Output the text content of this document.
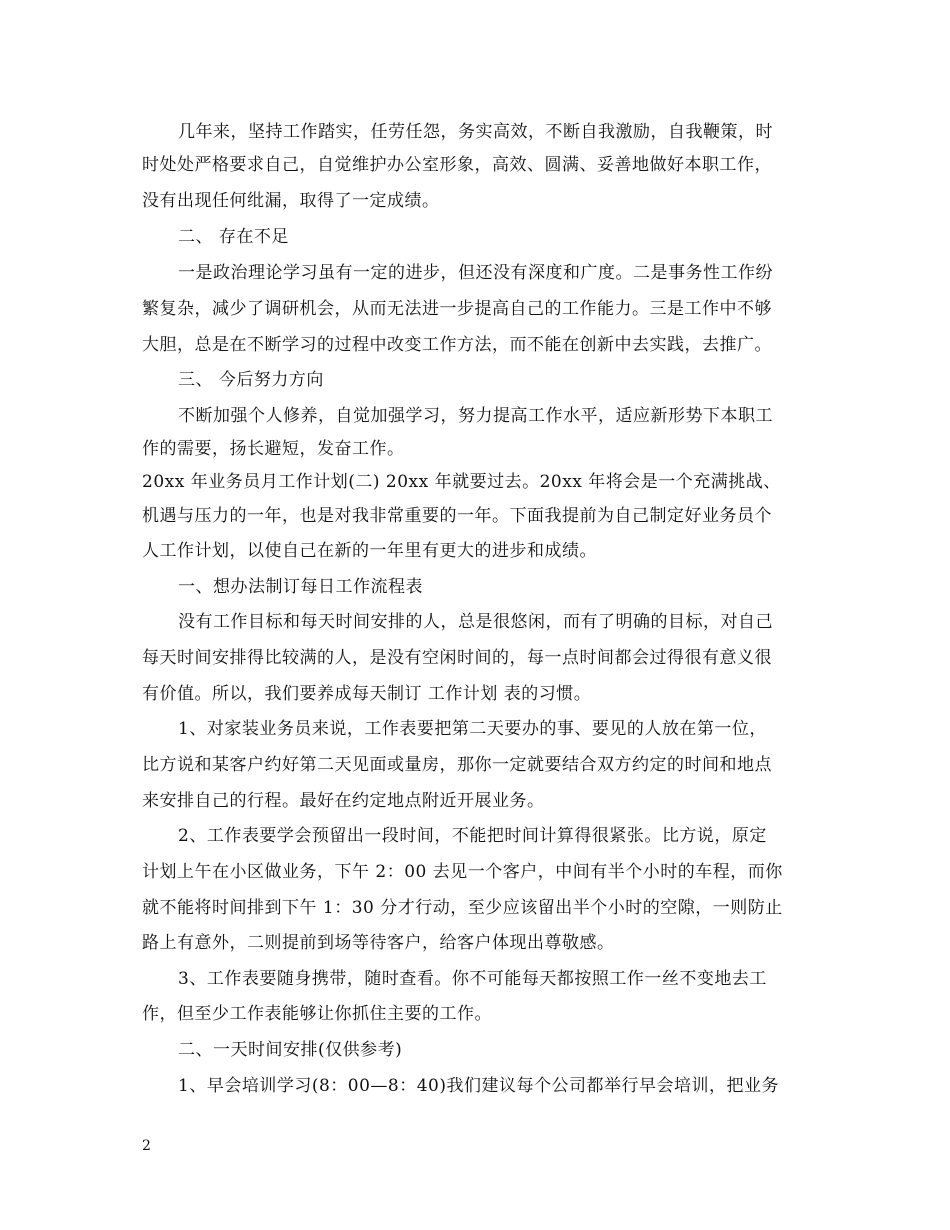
几年来，坚持工作踏实，任劳任怨，务实高效，不断自我激励，自我鞭策，时
时处处严格要求自己，自觉维护办公室形象，高效、圆满、妥善地做好本职工作，
没有出现任何纰漏，取得了一定成绩。
二、 存在不足
一是政治理论学习虽有一定的进步，但还没有深度和广度。二是事务性工作纷
繁复杂，减少了调研机会，从而无法进一步提高自己的工作能力。三是工作中不够
大胆，总是在不断学习的过程中改变工作方法，而不能在创新中去实践，去推广。
三、 今后努力方向
不断加强个人修养，自觉加强学习，努力提高工作水平，适应新形势下本职工
作的需要，扬长避短，发奋工作。
20xx 年业务员月工作计划(二) 20xx 年就要过去。20xx 年将会是一个充满挑战、
机遇与压力的一年，也是对我非常重要的一年。下面我提前为自己制定好业务员个
人工作计划，以使自己在新的一年里有更大的进步和成绩。
一、想办法制订每日工作流程表
没有工作目标和每天时间安排的人，总是很悠闲，而有了明确的目标，对自己
每天时间安排得比较满的人，是没有空闲时间的，每一点时间都会过得很有意义很
有价值。所以，我们要养成每天制订 工作计划 表的习惯。
1、对家装业务员来说，工作表要把第二天要办的事、要见的人放在第一位，
比方说和某客户约好第二天见面或量房，那你一定就要结合双方约定的时间和地点
来安排自己的行程。最好在约定地点附近开展业务。
2、工作表要学会预留出一段时间，不能把时间计算得很紧张。比方说，原定
计划上午在小区做业务，下午 2：00 去见一个客户，中间有半个小时的车程，而你
就不能将时间排到下午 1：30 分才行动，至少应该留出半个小时的空隙，一则防止
路上有意外，二则提前到场等待客户，给客户体现出尊敬感。
3、工作表要随身携带，随时查看。你不可能每天都按照工作一丝不变地去工
作，但至少工作表能够让你抓住主要的工作。
二、一天时间安排(仅供参考)
1、早会培训学习(8：00—8：40)我们建议每个公司都举行早会培训，把业务
2
